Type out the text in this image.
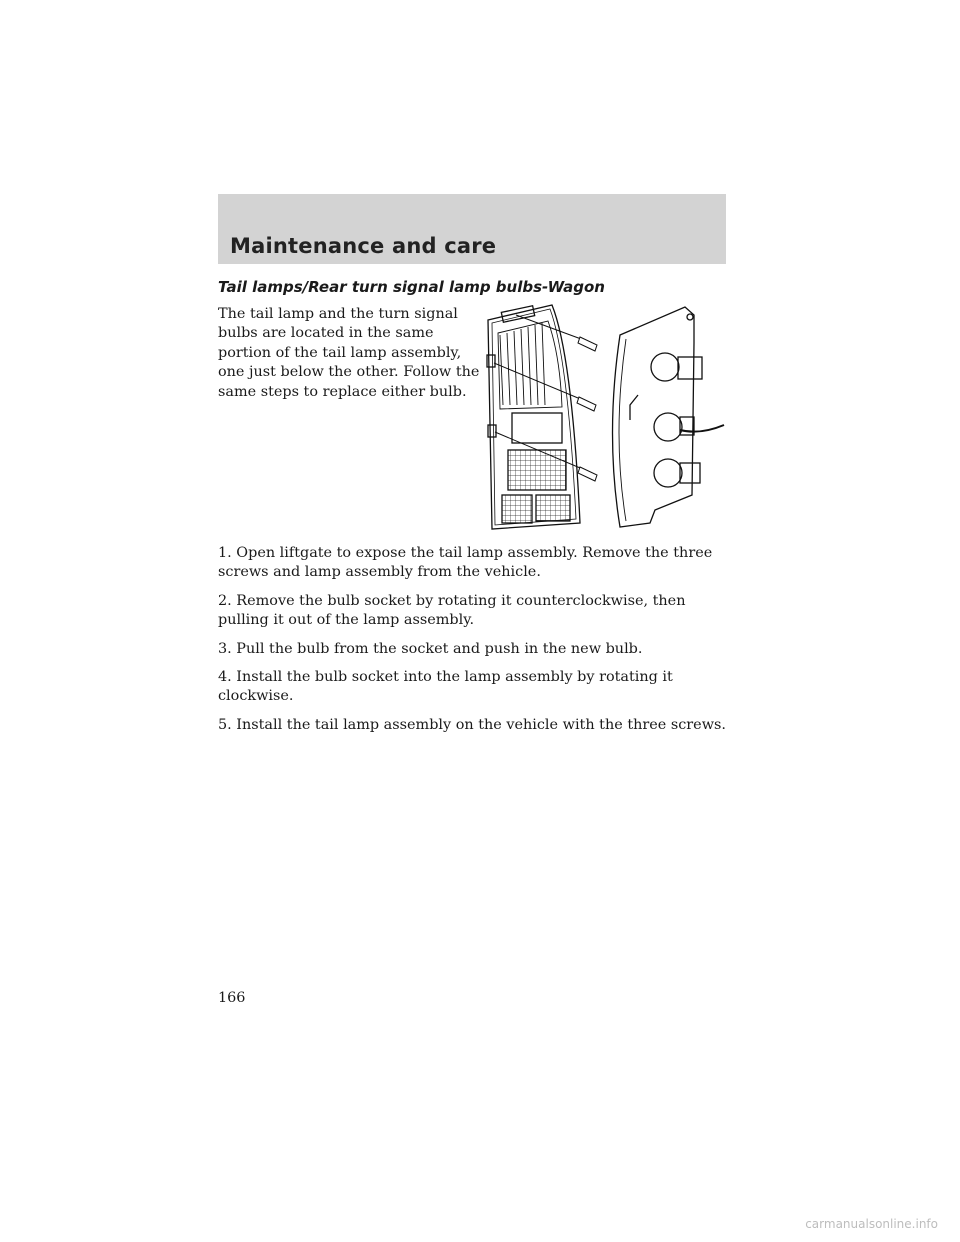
Maintenance and care
Tail lamps/Rear turn signal lamp bulbs-Wagon

The tail lamp and the turn signal bulbs are located in the same portion of the tail lamp assembly, one just below the other. Follow the same steps to replace either bulb.

1. Open liftgate to expose the tail lamp assembly. Remove the three screws and lamp assembly from the vehicle.
2. Remove the bulb socket by rotating it counterclockwise, then pulling it out of the lamp assembly.
3. Pull the bulb from the socket and push in the new bulb.
4. Install the bulb socket into the lamp assembly by rotating it clockwise.
5. Install the tail lamp assembly on the vehicle with the three screws.
166
carmanualsonline.info
